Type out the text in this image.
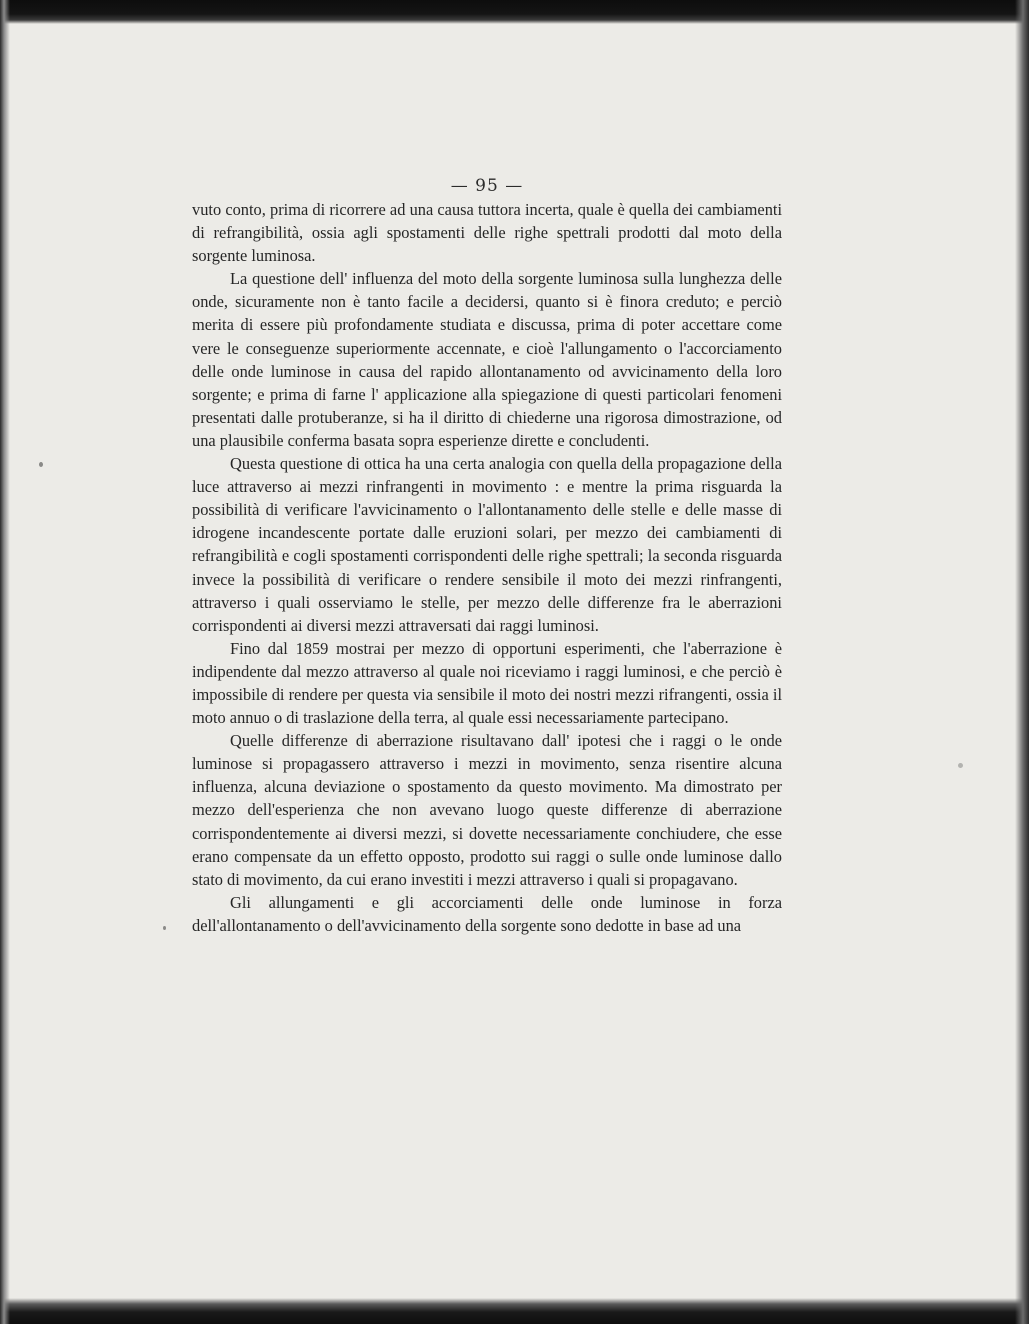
— 95 —

vuto conto, prima di ricorrere ad una causa tuttora incerta, quale è quella dei cambiamenti di refrangibilità, ossia agli spostamenti delle righe spettrali prodotti dal moto della sorgente luminosa.

La questione dell' influenza del moto della sorgente luminosa sulla lunghezza delle onde, sicuramente non è tanto facile a decidersi, quanto si è finora creduto; e perciò merita di essere più profondamente studiata e discussa, prima di poter accettare come vere le conseguenze superiormente accennate, e cioè l'allungamento o l'accorciamento delle onde luminose in causa del rapido allontanamento od avvicinamento della loro sorgente; e prima di farne l' applicazione alla spiegazione di questi particolari fenomeni presentati dalle protuberanze, si ha il diritto di chiederne una rigorosa dimostrazione, od una plausibile conferma basata sopra esperienze dirette e concludenti.

Questa questione di ottica ha una certa analogia con quella della propagazione della luce attraverso ai mezzi rinfrangenti in movimento : e mentre la prima risguarda la possibilità di verificare l'avvicinamento o l'allontanamento delle stelle e delle masse di idrogene incandescente portate dalle eruzioni solari, per mezzo dei cambiamenti di refrangibilità e cogli spostamenti corrispondenti delle righe spettrali; la seconda risguarda invece la possibilità di verificare o rendere sensibile il moto dei mezzi rinfrangenti, attraverso i quali osserviamo le stelle, per mezzo delle differenze fra le aberrazioni corrispondenti ai diversi mezzi attraversati dai raggi luminosi.

Fino dal 1859 mostrai per mezzo di opportuni esperimenti, che l'aberrazione è indipendente dal mezzo attraverso al quale noi riceviamo i raggi luminosi, e che perciò è impossibile di rendere per questa via sensibile il moto dei nostri mezzi rifrangenti, ossia il moto annuo o di traslazione della terra, al quale essi necessariamente partecipano.

Quelle differenze di aberrazione risultavano dall' ipotesi che i raggi o le onde luminose si propagassero attraverso i mezzi in movimento, senza risentire alcuna influenza, alcuna deviazione o spostamento da questo movimento. Ma dimostrato per mezzo dell'esperienza che non avevano luogo queste differenze di aberrazione corrispondentemente ai diversi mezzi, si dovette necessariamente conchiudere, che esse erano compensate da un effetto opposto, prodotto sui raggi o sulle onde luminose dallo stato di movimento, da cui erano investiti i mezzi attraverso i quali si propagavano.

Gli allungamenti e gli accorciamenti delle onde luminose in forza dell'allontanamento o dell'avvicinamento della sorgente sono dedotte in base ad una
